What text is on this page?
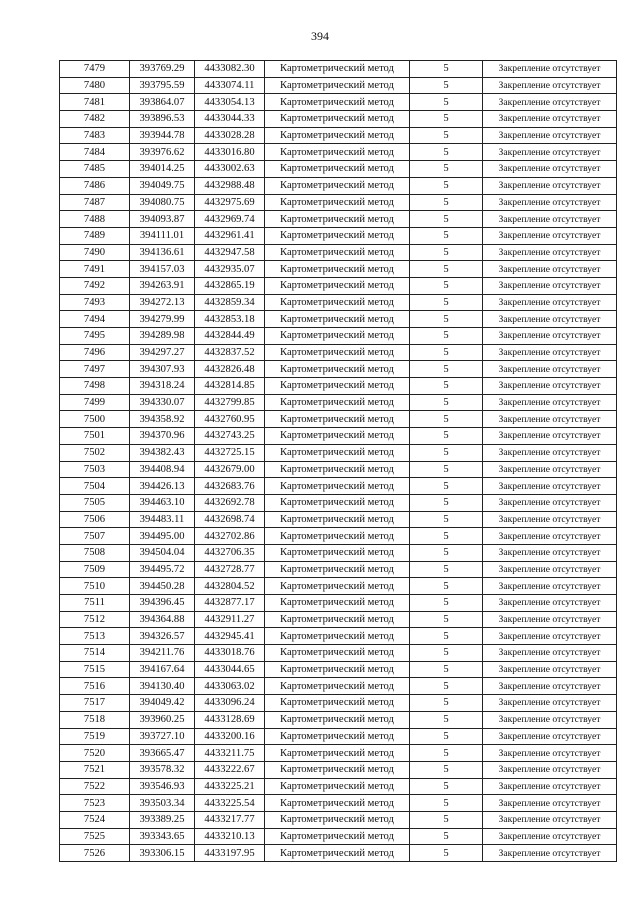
394
7479	393769.29	4433082.30	Картометрический метод	5	Закрепление отсутствует
7480	393795.59	4433074.11	Картометрический метод	5	Закрепление отсутствует
7481	393864.07	4433054.13	Картометрический метод	5	Закрепление отсутствует
7482	393896.53	4433044.33	Картометрический метод	5	Закрепление отсутствует
7483	393944.78	4433028.28	Картометрический метод	5	Закрепление отсутствует
7484	393976.62	4433016.80	Картометрический метод	5	Закрепление отсутствует
7485	394014.25	4433002.63	Картометрический метод	5	Закрепление отсутствует
7486	394049.75	4432988.48	Картометрический метод	5	Закрепление отсутствует
7487	394080.75	4432975.69	Картометрический метод	5	Закрепление отсутствует
7488	394093.87	4432969.74	Картометрический метод	5	Закрепление отсутствует
7489	394111.01	4432961.41	Картометрический метод	5	Закрепление отсутствует
7490	394136.61	4432947.58	Картометрический метод	5	Закрепление отсутствует
7491	394157.03	4432935.07	Картометрический метод	5	Закрепление отсутствует
7492	394263.91	4432865.19	Картометрический метод	5	Закрепление отсутствует
7493	394272.13	4432859.34	Картометрический метод	5	Закрепление отсутствует
7494	394279.99	4432853.18	Картометрический метод	5	Закрепление отсутствует
7495	394289.98	4432844.49	Картометрический метод	5	Закрепление отсутствует
7496	394297.27	4432837.52	Картометрический метод	5	Закрепление отсутствует
7497	394307.93	4432826.48	Картометрический метод	5	Закрепление отсутствует
7498	394318.24	4432814.85	Картометрический метод	5	Закрепление отсутствует
7499	394330.07	4432799.85	Картометрический метод	5	Закрепление отсутствует
7500	394358.92	4432760.95	Картометрический метод	5	Закрепление отсутствует
7501	394370.96	4432743.25	Картометрический метод	5	Закрепление отсутствует
7502	394382.43	4432725.15	Картометрический метод	5	Закрепление отсутствует
7503	394408.94	4432679.00	Картометрический метод	5	Закрепление отсутствует
7504	394426.13	4432683.76	Картометрический метод	5	Закрепление отсутствует
7505	394463.10	4432692.78	Картометрический метод	5	Закрепление отсутствует
7506	394483.11	4432698.74	Картометрический метод	5	Закрепление отсутствует
7507	394495.00	4432702.86	Картометрический метод	5	Закрепление отсутствует
7508	394504.04	4432706.35	Картометрический метод	5	Закрепление отсутствует
7509	394495.72	4432728.77	Картометрический метод	5	Закрепление отсутствует
7510	394450.28	4432804.52	Картометрический метод	5	Закрепление отсутствует
7511	394396.45	4432877.17	Картометрический метод	5	Закрепление отсутствует
7512	394364.88	4432911.27	Картометрический метод	5	Закрепление отсутствует
7513	394326.57	4432945.41	Картометрический метод	5	Закрепление отсутствует
7514	394211.76	4433018.76	Картометрический метод	5	Закрепление отсутствует
7515	394167.64	4433044.65	Картометрический метод	5	Закрепление отсутствует
7516	394130.40	4433063.02	Картометрический метод	5	Закрепление отсутствует
7517	394049.42	4433096.24	Картометрический метод	5	Закрепление отсутствует
7518	393960.25	4433128.69	Картометрический метод	5	Закрепление отсутствует
7519	393727.10	4433200.16	Картометрический метод	5	Закрепление отсутствует
7520	393665.47	4433211.75	Картометрический метод	5	Закрепление отсутствует
7521	393578.32	4433222.67	Картометрический метод	5	Закрепление отсутствует
7522	393546.93	4433225.21	Картометрический метод	5	Закрепление отсутствует
7523	393503.34	4433225.54	Картометрический метод	5	Закрепление отсутствует
7524	393389.25	4433217.77	Картометрический метод	5	Закрепление отсутствует
7525	393343.65	4433210.13	Картометрический метод	5	Закрепление отсутствует
7526	393306.15	4433197.95	Картометрический метод	5	Закрепление отсутствует
